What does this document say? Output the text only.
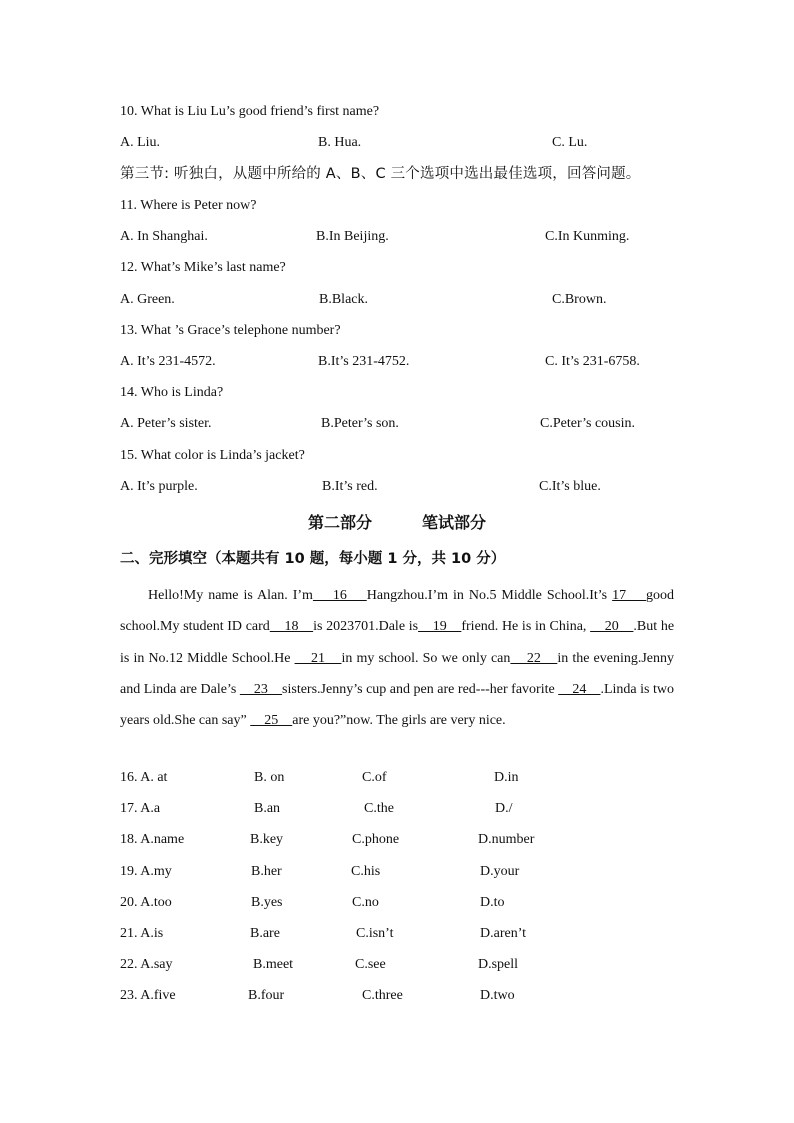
10. What is Liu Lu’s good friend’s first name?
A. Liu.	B. Hua.	C. Lu.
第三节: 听独白，从题中所给的 A、B、C 三个选项中选出最佳选项，回答问题。
11. Where is Peter now?
A. In Shanghai.	B.In Beijing.	C.In Kunming.
12. What’s Mike’s last name?
A. Green.	B.Black.	C.Brown.
13. What ’s Grace’s telephone number?
A. It’s 231-4572.	B.It’s 231-4752.	C. It’s 231-6758.
14. Who is Linda?
A. Peter’s sister.	B.Peter’s son.	C.Peter’s cousin.
15. What color is Linda’s jacket?
A. It’s purple.	B.It’s red.	C.It’s blue.
第二部分	笔试部分
二、完形填空（本题共有 10 题，每小题 1 分，共 10 分）
Hello!My name is Alan. I’m    16    Hangzhou.I’m in No.5 Middle School.It’s 17    good school.My student ID card    18    is 2023701.Dale is    19    friend. He is in China,     20    .But he is in No.12 Middle School.He     21    in my school. So we only can    22    in the evening.Jenny and Linda are Dale’s     23    sisters.Jenny’s cup and pen are red---her favorite     24    .Linda is two years old.She can say”     25    are you?”now. The girls are very nice.
16. A. at	B. on	C.of	D.in
17. A.a	B.an	C.the	D./
18. A.name	B.key	C.phone	D.number
19. A.my	B.her	C.his	D.your
20. A.too	B.yes	C.no	D.to
21. A.is	B.are	C.isn’t	D.aren’t
22. A.say	B.meet	C.see	D.spell
23. A.five	B.four	C.three	D.two
